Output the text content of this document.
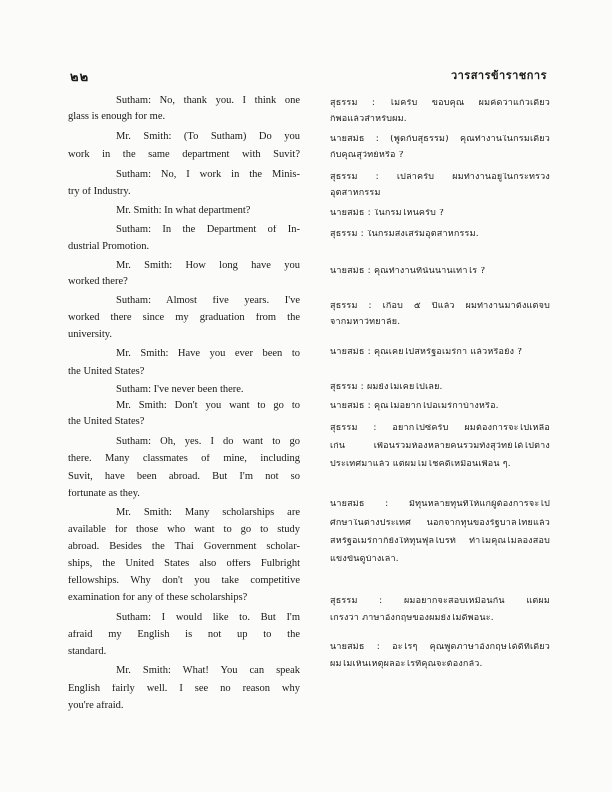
๒๒	วารสารข้าราชการ
Sutham: No, thank you. I think one
glass is enough for me.
Mr. Smith: (To Sutham) Do you
work in the same department with Suvit?
Sutham: No, I work in the Minis-
try of Industry.
Mr. Smith: In what department?
Sutham: In the Department of In-
dustrial Promotion.
Mr. Smith: How long have you
worked there?
Sutham: Almost five years. I've
worked there since my graduation from the
university.
Mr. Smith: Have you ever been to
the United States?
Sutham: I've never been there.
Mr. Smith: Don't you want to go to
the United States?
Sutham: Oh, yes. I do want to go
there. Many classmates of mine, including
Suvit, have been abroad. But I'm not so
fortunate as they.
Mr. Smith: Many scholarships are
available for those who want to go to study
abroad. Besides the Thai Government scholar-
ships, the United States also offers Fulbright
fellowships. Why don't you take competitive
examination for any of these scholarships?
Sutham: I would like to. But I'm
afraid my English is not up to the
standard.
Mr. Smith: What! You can speak
English fairly well. I see no reason why
you're afraid.
สุธรรม : ไม่ครับ ขอบคุณ ผมคิดว่าแก้วเดียว
ก็พอแล้วสำหรับผม.
นายสมิธ : (พูดกับสุธรรม) คุณทำงานในกรมเดียว
กับคุณสุวิทย์หรือ ?
สุธรรม : เปล่าครับ ผมทำงานอยู่ในกระทรวง
อุตสาหกรรม
นายสมิธ : ในกรมไหนครับ ?
สุธรรม : ในกรมส่งเสริมอุตสาหกรรม.
นายสมิธ : คุณทำงานที่นั่นนานเท่าไร ?
สุธรรม : เกือบ ๕ ปีแล้ว ผมทำงานมาตั้งแต่จบ
จากมหาวิทยาลัย.
นายสมิธ : คุณเคยไปสหรัฐอเมริกา แล้วหรือยัง ?
สุธรรม : ผมยังไม่เคยไปเลย.
นายสมิธ : คุณไม่อยากไปอเมริกาบ้างหรือ.
สุธรรม : อยากไปซิครับ ผมต้องการจะไปเหลือ
เกิน เพื่อนร่วมห้องหลายคนรวมทั้งสุวิทย์ได้ไปต่าง
ประเทศมาแล้ว แต่ผมไม่โชคดีเหมือนเพื่อน ๆ.
นายสมิธ : มีทุนหลายทุนที่ให้แก่ผู้ต้องการจะไป
ศึกษาในต่างประเทศ นอกจากทุนของรัฐบาลไทยแล้ว
สหรัฐอเมริกาก็ยังให้ทุนฟุลไบรท์ ทำไมคุณไม่ลองสอบ
แข่งขันดูบ้างเล่า.
สุธรรม : ผมอยากจะสอบเหมือนกัน แต่ผม
เกรงว่า ภาษาอังกฤษของผมยังไม่ดีพอนะ.
นายสมิธ : อะไรๆ คุณพูดภาษาอังกฤษได้ดีทีเดียว
ผมไม่เห็นเหตุผลอะไรที่คุณจะต้องกลัว.
